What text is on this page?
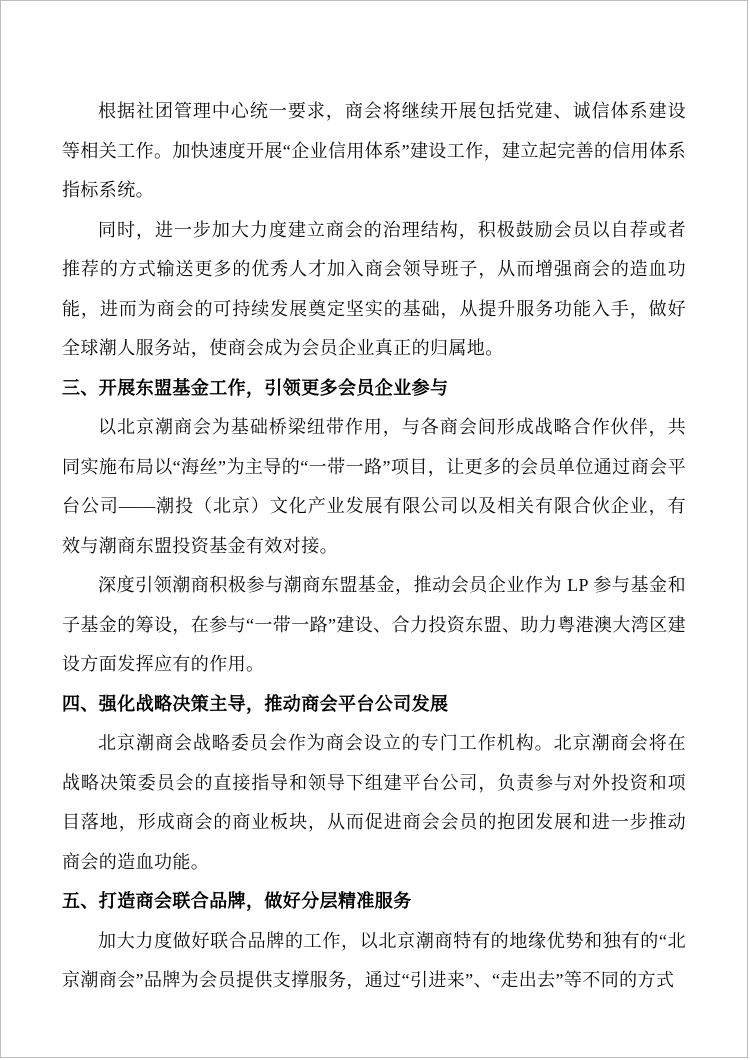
根据社团管理中心统一要求，商会将继续开展包括党建、诚信体系建设等相关工作。加快速度开展“企业信用体系”建设工作，建立起完善的信用体系指标系统。

同时，进一步加大力度建立商会的治理结构，积极鼓励会员以自荐或者推荐的方式输送更多的优秀人才加入商会领导班子，从而增强商会的造血功能，进而为商会的可持续发展奠定坚实的基础，从提升服务功能入手，做好全球潮人服务站，使商会成为会员企业真正的归属地。

三、开展东盟基金工作，引领更多会员企业参与

以北京潮商会为基础桥梁纽带作用，与各商会间形成战略合作伙伴，共同实施布局以“海丝”为主导的“一带一路”项目，让更多的会员单位通过商会平台公司——潮投（北京）文化产业发展有限公司以及相关有限合伙企业，有效与潮商东盟投资基金有效对接。

深度引领潮商积极参与潮商东盟基金，推动会员企业作为 LP 参与基金和子基金的筹设，在参与“一带一路”建设、合力投资东盟、助力粤港澳大湾区建设方面发挥应有的作用。

四、强化战略决策主导，推动商会平台公司发展

北京潮商会战略委员会作为商会设立的专门工作机构。北京潮商会将在战略决策委员会的直接指导和领导下组建平台公司，负责参与对外投资和项目落地，形成商会的商业板块，从而促进商会会员的抱团发展和进一步推动商会的造血功能。

五、打造商会联合品牌，做好分层精准服务

加大力度做好联合品牌的工作，以北京潮商特有的地缘优势和独有的“北京潮商会”品牌为会员提供支撑服务，通过“引进来”、“走出去”等不同的方式
